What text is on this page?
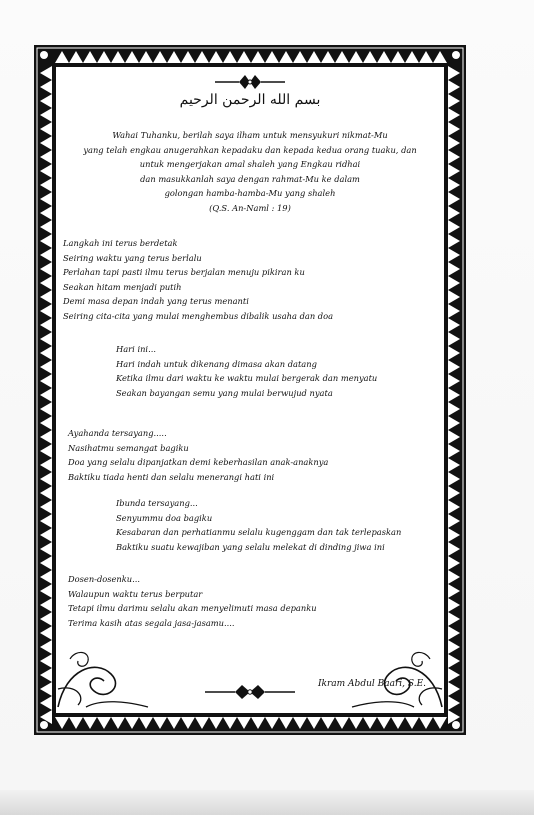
بسم الله الرحمن الرحيم
Wahai Tuhanku, berilah saya ilham untuk mensyukuri nikmat-Mu
yang telah engkau anugerahkan kepadaku dan kepada kedua orang tuaku, dan
untuk mengerjakan amal shaleh yang Engkau ridhai
dan masukkanlah saya dengan rahmat-Mu ke dalam
golongan hamba-hamba-Mu yang shaleh
(Q.S. An-Naml : 19)
Langkah ini terus berdetak
Seiring waktu yang terus berlalu
Perlahan tapi pasti ilmu terus berjalan menuju pikiran ku
Seakan hitam menjadi putih
Demi masa depan indah yang terus menanti
Seiring cita-cita yang mulai menghembus dibalik usaha dan doa
Hari ini...
Hari indah untuk dikenang dimasa akan datang
Ketika ilmu dari waktu ke waktu mulai bergerak dan menyatu
Seakan bayangan semu yang mulai berwujud nyata
Ayahanda tersayang.....
Nasihatmu semangat bagiku
Doa yang selalu dipanjatkan demi keberhasilan anak-anaknya
Baktiku tiada henti dan selalu menerangi hati ini
Ibunda tersayang...
Senyummu doa bagiku
Kesabaran dan perhatianmu selalu kugenggam dan tak terlepaskan
Baktiku suatu kewajiban yang selalu melekat di dinding jiwa ini
Dosen-dosenku...
Walaupun waktu terus berputar
Tetapi ilmu darimu selalu akan menyelimuti masa depanku
Terima kasih atas segala jasa-jasamu....
Ikram Abdul Baari, S.E.
